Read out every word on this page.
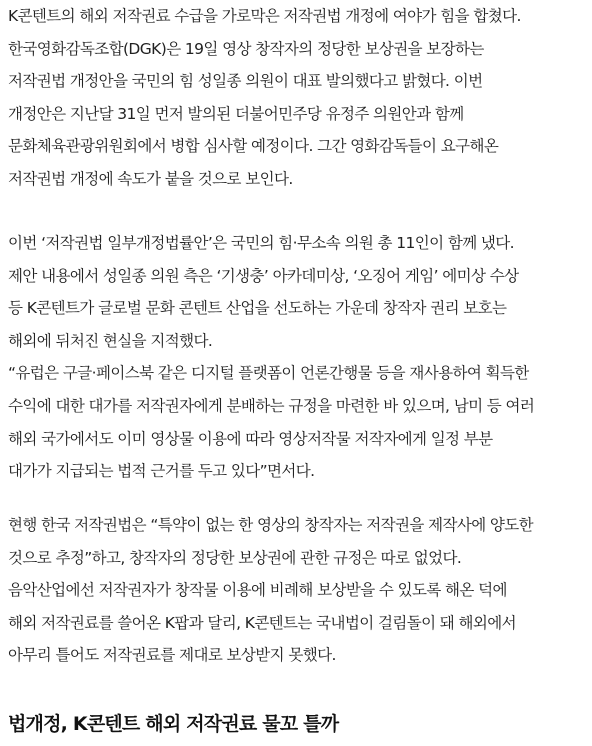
K콘텐트의 해외 저작권료 수급을 가로막은 저작권법 개정에 여야가 힘을 합쳤다.
한국영화감독조합(DGK)은 19일 영상 창작자의 정당한 보상권을 보장하는
저작권법 개정안을 국민의 힘 성일종 의원이 대표 발의했다고 밝혔다. 이번
개정안은 지난달 31일 먼저 발의된 더불어민주당 유정주 의원안과 함께
문화체육관광위원회에서 병합 심사할 예정이다. 그간 영화감독들이 요구해온
저작권법 개정에 속도가 붙을 것으로 보인다.

이번 ‘저작권법 일부개정법률안’은 국민의 힘·무소속 의원 총 11인이 함께 냈다.
제안 내용에서 성일종 의원 측은 ‘기생충’ 아카데미상, ‘오징어 게임’ 에미상 수상
등 K콘텐트가 글로벌 문화 콘텐트 산업을 선도하는 가운데 창작자 권리 보호는
해외에 뒤처진 현실을 지적했다.
“유럽은 구글·페이스북 같은 디지털 플랫폼이 언론간행물 등을 재사용하여 획득한
수익에 대한 대가를 저작권자에게 분배하는 규정을 마련한 바 있으며, 남미 등 여러
해외 국가에서도 이미 영상물 이용에 따라 영상저작물 저작자에게 일정 부분
대가가 지급되는 법적 근거를 두고 있다”면서다.

현행 한국 저작권법은 “특약이 없는 한 영상의 창작자는 저작권을 제작사에 양도한
것으로 추정”하고, 창작자의 정당한 보상권에 관한 규정은 따로 없었다.
음악산업에선 저작권자가 창작물 이용에 비례해 보상받을 수 있도록 해온 덕에
해외 저작권료를 쓸어온 K팝과 달리, K콘텐트는 국내법이 걸림돌이 돼 해외에서
아무리 틀어도 저작권료를 제대로 보상받지 못했다.

법개정, K콘텐트 해외 저작권료 물꼬 틀까
